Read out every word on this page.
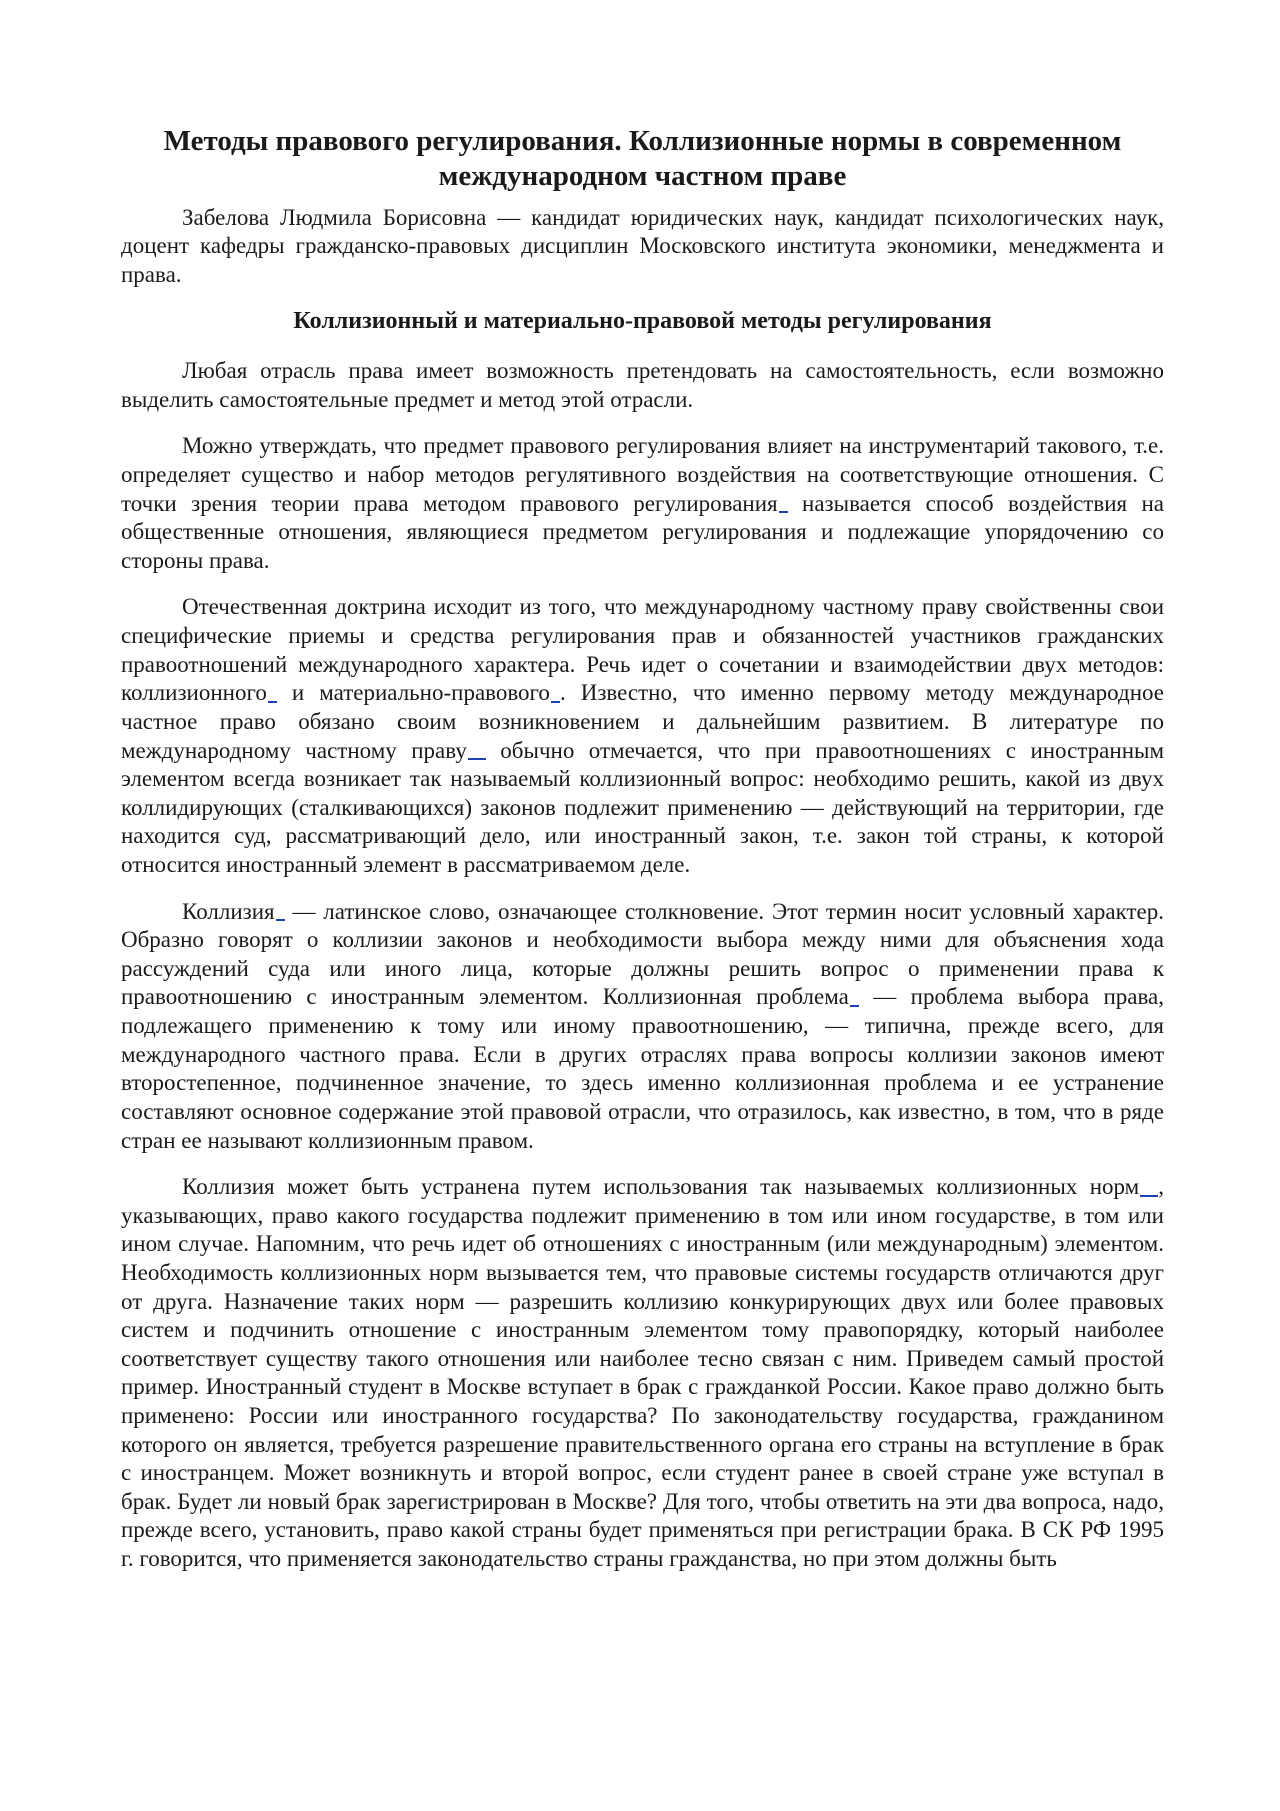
Методы правового регулирования. Коллизионные нормы в современном международном частном праве

Забелова Людмила Борисовна — кандидат юридических наук, кандидат психологических наук, доцент кафедры гражданско-правовых дисциплин Московского института экономики, менеджмента и права.

Коллизионный и материально-правовой методы регулирования

Любая отрасль права имеет возможность претендовать на самостоятельность, если возможно выделить самостоятельные предмет и метод этой отрасли.

Можно утверждать, что предмет правового регулирования влияет на инструментарий такового, т.е. определяет существо и набор методов регулятивного воздействия на соответствующие отношения. С точки зрения теории права методом правового регулирования называется способ воздействия на общественные отношения, являющиеся предметом регулирования и подлежащие упорядочению со стороны права.

Отечественная доктрина исходит из того, что международному частному праву свойственны свои специфические приемы и средства регулирования прав и обязанностей участников гражданских правоотношений международного характера. Речь идет о сочетании и взаимодействии двух методов: коллизионного и материально-правового . Известно, что именно первому методу международное частное право обязано своим возникновением и дальнейшим развитием. В литературе по международному частному праву обычно отмечается, что при правоотношениях с иностранным элементом всегда возникает так называемый коллизионный вопрос: необходимо решить, какой из двух коллидирующих (сталкивающихся) законов подлежит применению — действующий на территории, где находится суд, рассматривающий дело, или иностранный закон, т.е. закон той страны, к которой относится иностранный элемент в рассматриваемом деле.

Коллизия — латинское слово, означающее столкновение. Этот термин носит условный характер. Образно говорят о коллизии законов и необходимости выбора между ними для объяснения хода рассуждений суда или иного лица, которые должны решить вопрос о применении права к правоотношению с иностранным элементом. Коллизионная проблема — проблема выбора права, подлежащего применению к тому или иному правоотношению, — типична, прежде всего, для международного частного права. Если в других отраслях права вопросы коллизии законов имеют второстепенное, подчиненное значение, то здесь именно коллизионная проблема и ее устранение составляют основное содержание этой правовой отрасли, что отразилось, как известно, в том, что в ряде стран ее называют коллизионным правом.

Коллизия может быть устранена путем использования так называемых коллизионных норм , указывающих, право какого государства подлежит применению в том или ином государстве, в том или ином случае. Напомним, что речь идет об отношениях с иностранным (или международным) элементом. Необходимость коллизионных норм вызывается тем, что правовые системы государств отличаются друг от друга. Назначение таких норм — разрешить коллизию конкурирующих двух или более правовых систем и подчинить отношение с иностранным элементом тому правопорядку, который наиболее соответствует существу такого отношения или наиболее тесно связан с ним. Приведем самый простой пример. Иностранный студент в Москве вступает в брак с гражданкой России. Какое право должно быть применено: России или иностранного государства? По законодательству государства, гражданином которого он является, требуется разрешение правительственного органа его страны на вступление в брак с иностранцем. Может возникнуть и второй вопрос, если студент ранее в своей стране уже вступал в брак. Будет ли новый брак зарегистрирован в Москве? Для того, чтобы ответить на эти два вопроса, надо, прежде всего, установить, право какой страны будет применяться при регистрации брака. В СК РФ 1995 г. говорится, что применяется законодательство страны гражданства, но при этом должны быть
